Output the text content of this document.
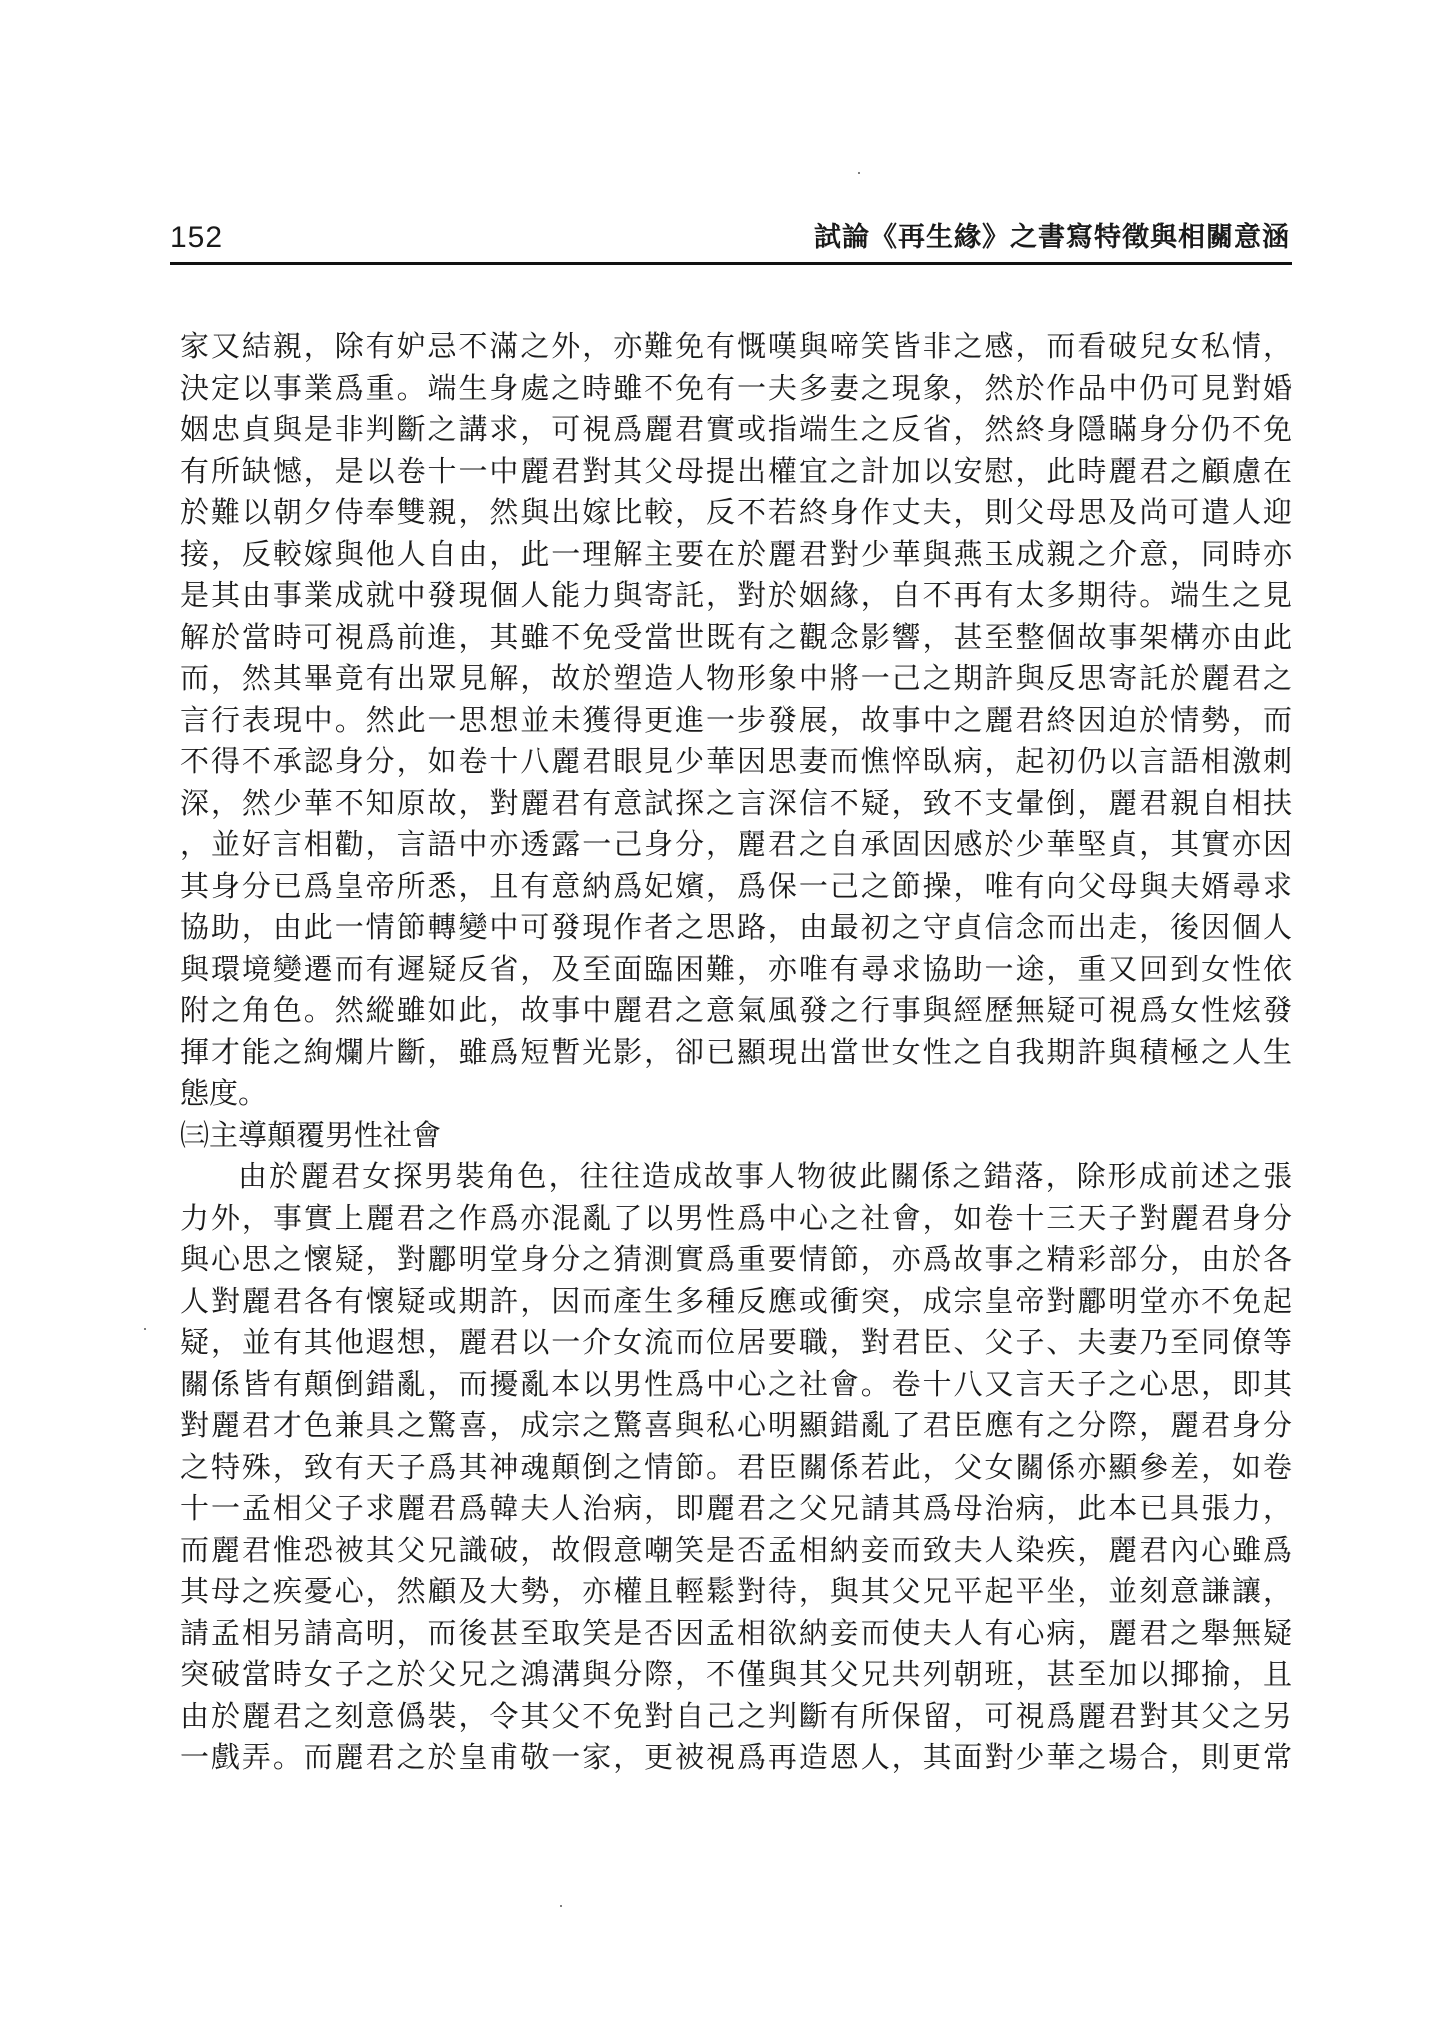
152	試論《再生緣》之書寫特徵與相關意涵
家又結親，除有妒忌不滿之外，亦難免有慨嘆與啼笑皆非之感，而看破兒女私情，
決定以事業爲重。端生身處之時雖不免有一夫多妻之現象，然於作品中仍可見對婚
姻忠貞與是非判斷之講求，可視爲麗君實或指端生之反省，然終身隱瞞身分仍不免
有所缺憾，是以卷十一中麗君對其父母提出權宜之計加以安慰，此時麗君之顧慮在
於難以朝夕侍奉雙親，然與出嫁比較，反不若終身作丈夫，則父母思及尚可遣人迎
接，反較嫁與他人自由，此一理解主要在於麗君對少華與燕玉成親之介意，同時亦
是其由事業成就中發現個人能力與寄託，對於姻緣，自不再有太多期待。端生之見
解於當時可視爲前進，其雖不免受當世既有之觀念影響，甚至整個故事架構亦由此
而，然其畢竟有出眾見解，故於塑造人物形象中將一己之期許與反思寄託於麗君之
言行表現中。然此一思想並未獲得更進一步發展，故事中之麗君終因迫於情勢，而
不得不承認身分，如卷十八麗君眼見少華因思妻而憔悴臥病，起初仍以言語相激刺
深，然少華不知原故，對麗君有意試探之言深信不疑，致不支暈倒，麗君親自相扶
，並好言相勸，言語中亦透露一己身分，麗君之自承固因感於少華堅貞，其實亦因
其身分已爲皇帝所悉，且有意納爲妃嬪，爲保一己之節操，唯有向父母與夫婿尋求
協助，由此一情節轉變中可發現作者之思路，由最初之守貞信念而出走，後因個人
與環境變遷而有遲疑反省，及至面臨困難，亦唯有尋求協助一途，重又回到女性依
附之角色。然縱雖如此，故事中麗君之意氣風發之行事與經歷無疑可視爲女性炫發
揮才能之絢爛片斷，雖爲短暫光影，卻已顯現出當世女性之自我期許與積極之人生
態度。
㈢主導顛覆男性社會
由於麗君女探男裝角色，往往造成故事人物彼此關係之錯落，除形成前述之張
力外，事實上麗君之作爲亦混亂了以男性爲中心之社會，如卷十三天子對麗君身分
與心思之懷疑，對酈明堂身分之猜測實爲重要情節，亦爲故事之精彩部分，由於各
人對麗君各有懷疑或期許，因而產生多種反應或衝突，成宗皇帝對酈明堂亦不免起
疑，並有其他遐想，麗君以一介女流而位居要職，對君臣、父子、夫妻乃至同僚等
關係皆有顛倒錯亂，而擾亂本以男性爲中心之社會。卷十八又言天子之心思，即其
對麗君才色兼具之驚喜，成宗之驚喜與私心明顯錯亂了君臣應有之分際，麗君身分
之特殊，致有天子爲其神魂顛倒之情節。君臣關係若此，父女關係亦顯參差，如卷
十一孟相父子求麗君爲韓夫人治病，即麗君之父兄請其爲母治病，此本已具張力，
而麗君惟恐被其父兄識破，故假意嘲笑是否孟相納妾而致夫人染疾，麗君內心雖爲
其母之疾憂心，然顧及大勢，亦權且輕鬆對待，與其父兄平起平坐，並刻意謙讓，
請孟相另請高明，而後甚至取笑是否因孟相欲納妾而使夫人有心病，麗君之舉無疑
突破當時女子之於父兄之鴻溝與分際，不僅與其父兄共列朝班，甚至加以揶揄，且
由於麗君之刻意僞裝，令其父不免對自己之判斷有所保留，可視爲麗君對其父之另
一戲弄。而麗君之於皇甫敬一家，更被視爲再造恩人，其面對少華之場合，則更常
